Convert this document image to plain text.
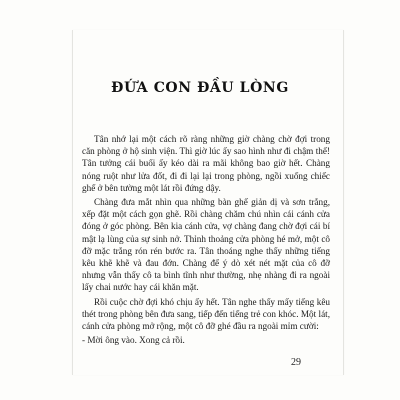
ĐỨA CON ĐẦU LÒNG

Tân nhớ lại một cách rõ ràng những giờ chàng chờ đợi trong căn phòng ở hộ sinh viện. Thì giờ lúc ấy sao hình như đi chậm thế! Tân tưởng cái buổi ấy kéo dài ra mãi không bao giờ hết. Chàng nóng ruột như lửa đốt, đi đi lại lại trong phòng, ngồi xuống chiếc ghế ở bên tường một lát rồi đứng dậy.

Chàng đưa mắt nhìn qua những bàn ghế giản dị và sơn trắng, xếp đặt một cách gọn ghẽ. Rồi chàng chăm chú nhìn cái cánh cửa đóng ở góc phòng. Bên kia cánh cửa, vợ chàng đang chờ đợi cái bí mật lạ lùng của sự sinh nở. Thỉnh thoảng cửa phòng hé mở, một cô đỡ mặc trắng rón rén bước ra. Tân thoáng nghe thấy những tiếng kêu khẽ khẽ và đau đớn. Chàng để ý dò xét nét mặt của cô đỡ nhưng vẫn thấy cô ta bình tĩnh như thường, nhẹ nhàng đi ra ngoài lấy chai nước hay cái khăn mặt.

Rồi cuộc chờ đợi khó chịu ấy hết. Tân nghe thấy mấy tiếng kêu thét trong phòng bên đưa sang, tiếp đến tiếng trẻ con khóc. Một lát, cánh cửa phòng mở rộng, một cô đỡ ghé đầu ra ngoài mỉm cười:

- Mời ông vào. Xong cả rồi.

29
